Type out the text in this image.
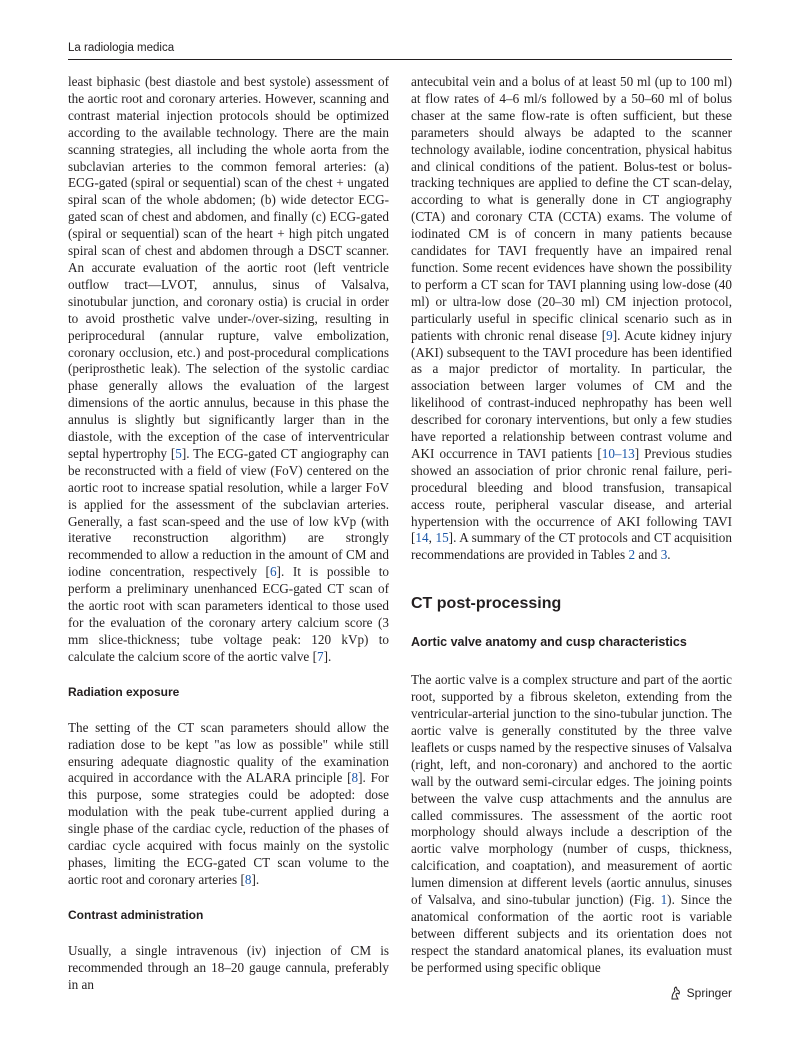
La radiologia medica

least biphasic (best diastole and best systole) assessment of the aortic root and coronary arteries. However, scanning and contrast material injection protocols should be optimized according to the available technology. There are the main scanning strategies, all including the whole aorta from the subclavian arteries to the common femoral arteries: (a) ECG-gated (spiral or sequential) scan of the chest + ungated spiral scan of the whole abdomen; (b) wide detector ECG-gated scan of chest and abdomen, and finally (c) ECG-gated (spiral or sequential) scan of the heart + high pitch ungated spiral scan of chest and abdomen through a DSCT scanner. An accurate evaluation of the aortic root (left ventricle outflow tract—LVOT, annulus, sinus of Valsalva, sinotubular junction, and coronary ostia) is crucial in order to avoid prosthetic valve under-/over-sizing, resulting in periprocedural (annular rupture, valve embolization, coronary occlusion, etc.) and post-procedural complications (periprosthetic leak). The selection of the systolic cardiac phase generally allows the evaluation of the largest dimensions of the aortic annulus, because in this phase the annulus is slightly but significantly larger than in the diastole, with the exception of the case of interventricular septal hypertrophy [5]. The ECG-gated CT angiography can be reconstructed with a field of view (FoV) centered on the aortic root to increase spatial resolution, while a larger FoV is applied for the assessment of the subclavian arteries. Generally, a fast scan-speed and the use of low kVp (with iterative reconstruction algorithm) are strongly recommended to allow a reduction in the amount of CM and iodine concentration, respectively [6]. It is possible to perform a preliminary unenhanced ECG-gated CT scan of the aortic root with scan parameters identical to those used for the evaluation of the coronary artery calcium score (3 mm slice-thickness; tube voltage peak: 120 kVp) to calculate the calcium score of the aortic valve [7].

Radiation exposure

The setting of the CT scan parameters should allow the radiation dose to be kept "as low as possible" while still ensuring adequate diagnostic quality of the examination acquired in accordance with the ALARA principle [8]. For this purpose, some strategies could be adopted: dose modulation with the peak tube-current applied during a single phase of the cardiac cycle, reduction of the phases of cardiac cycle acquired with focus mainly on the systolic phases, limiting the ECG-gated CT scan volume to the aortic root and coronary arteries [8].

Contrast administration

Usually, a single intravenous (iv) injection of CM is recommended through an 18–20 gauge cannula, preferably in an

antecubital vein and a bolus of at least 50 ml (up to 100 ml) at flow rates of 4–6 ml/s followed by a 50–60 ml of bolus chaser at the same flow-rate is often sufficient, but these parameters should always be adapted to the scanner technology available, iodine concentration, physical habitus and clinical conditions of the patient. Bolus-test or bolus-tracking techniques are applied to define the CT scan-delay, according to what is generally done in CT angiography (CTA) and coronary CTA (CCTA) exams. The volume of iodinated CM is of concern in many patients because candidates for TAVI frequently have an impaired renal function. Some recent evidences have shown the possibility to perform a CT scan for TAVI planning using low-dose (40 ml) or ultra-low dose (20–30 ml) CM injection protocol, particularly useful in specific clinical scenario such as in patients with chronic renal disease [9]. Acute kidney injury (AKI) subsequent to the TAVI procedure has been identified as a major predictor of mortality. In particular, the association between larger volumes of CM and the likelihood of contrast-induced nephropathy has been well described for coronary interventions, but only a few studies have reported a relationship between contrast volume and AKI occurrence in TAVI patients [10–13] Previous studies showed an association of prior chronic renal failure, peri-procedural bleeding and blood transfusion, transapical access route, peripheral vascular disease, and arterial hypertension with the occurrence of AKI following TAVI [14, 15]. A summary of the CT protocols and CT acquisition recommendations are provided in Tables 2 and 3.

CT post-processing
Aortic valve anatomy and cusp characteristics

The aortic valve is a complex structure and part of the aortic root, supported by a fibrous skeleton, extending from the ventricular-arterial junction to the sino-tubular junction. The aortic valve is generally constituted by the three valve leaflets or cusps named by the respective sinuses of Valsalva (right, left, and non-coronary) and anchored to the aortic wall by the outward semi-circular edges. The joining points between the valve cusp attachments and the annulus are called commissures. The assessment of the aortic root morphology should always include a description of the aortic valve morphology (number of cusps, thickness, calcification, and coaptation), and measurement of aortic lumen dimension at different levels (aortic annulus, sinuses of Valsalva, and sino-tubular junction) (Fig. 1). Since the anatomical conformation of the aortic root is variable between different subjects and its orientation does not respect the standard anatomical planes, its evaluation must be performed using specific oblique

Springer
